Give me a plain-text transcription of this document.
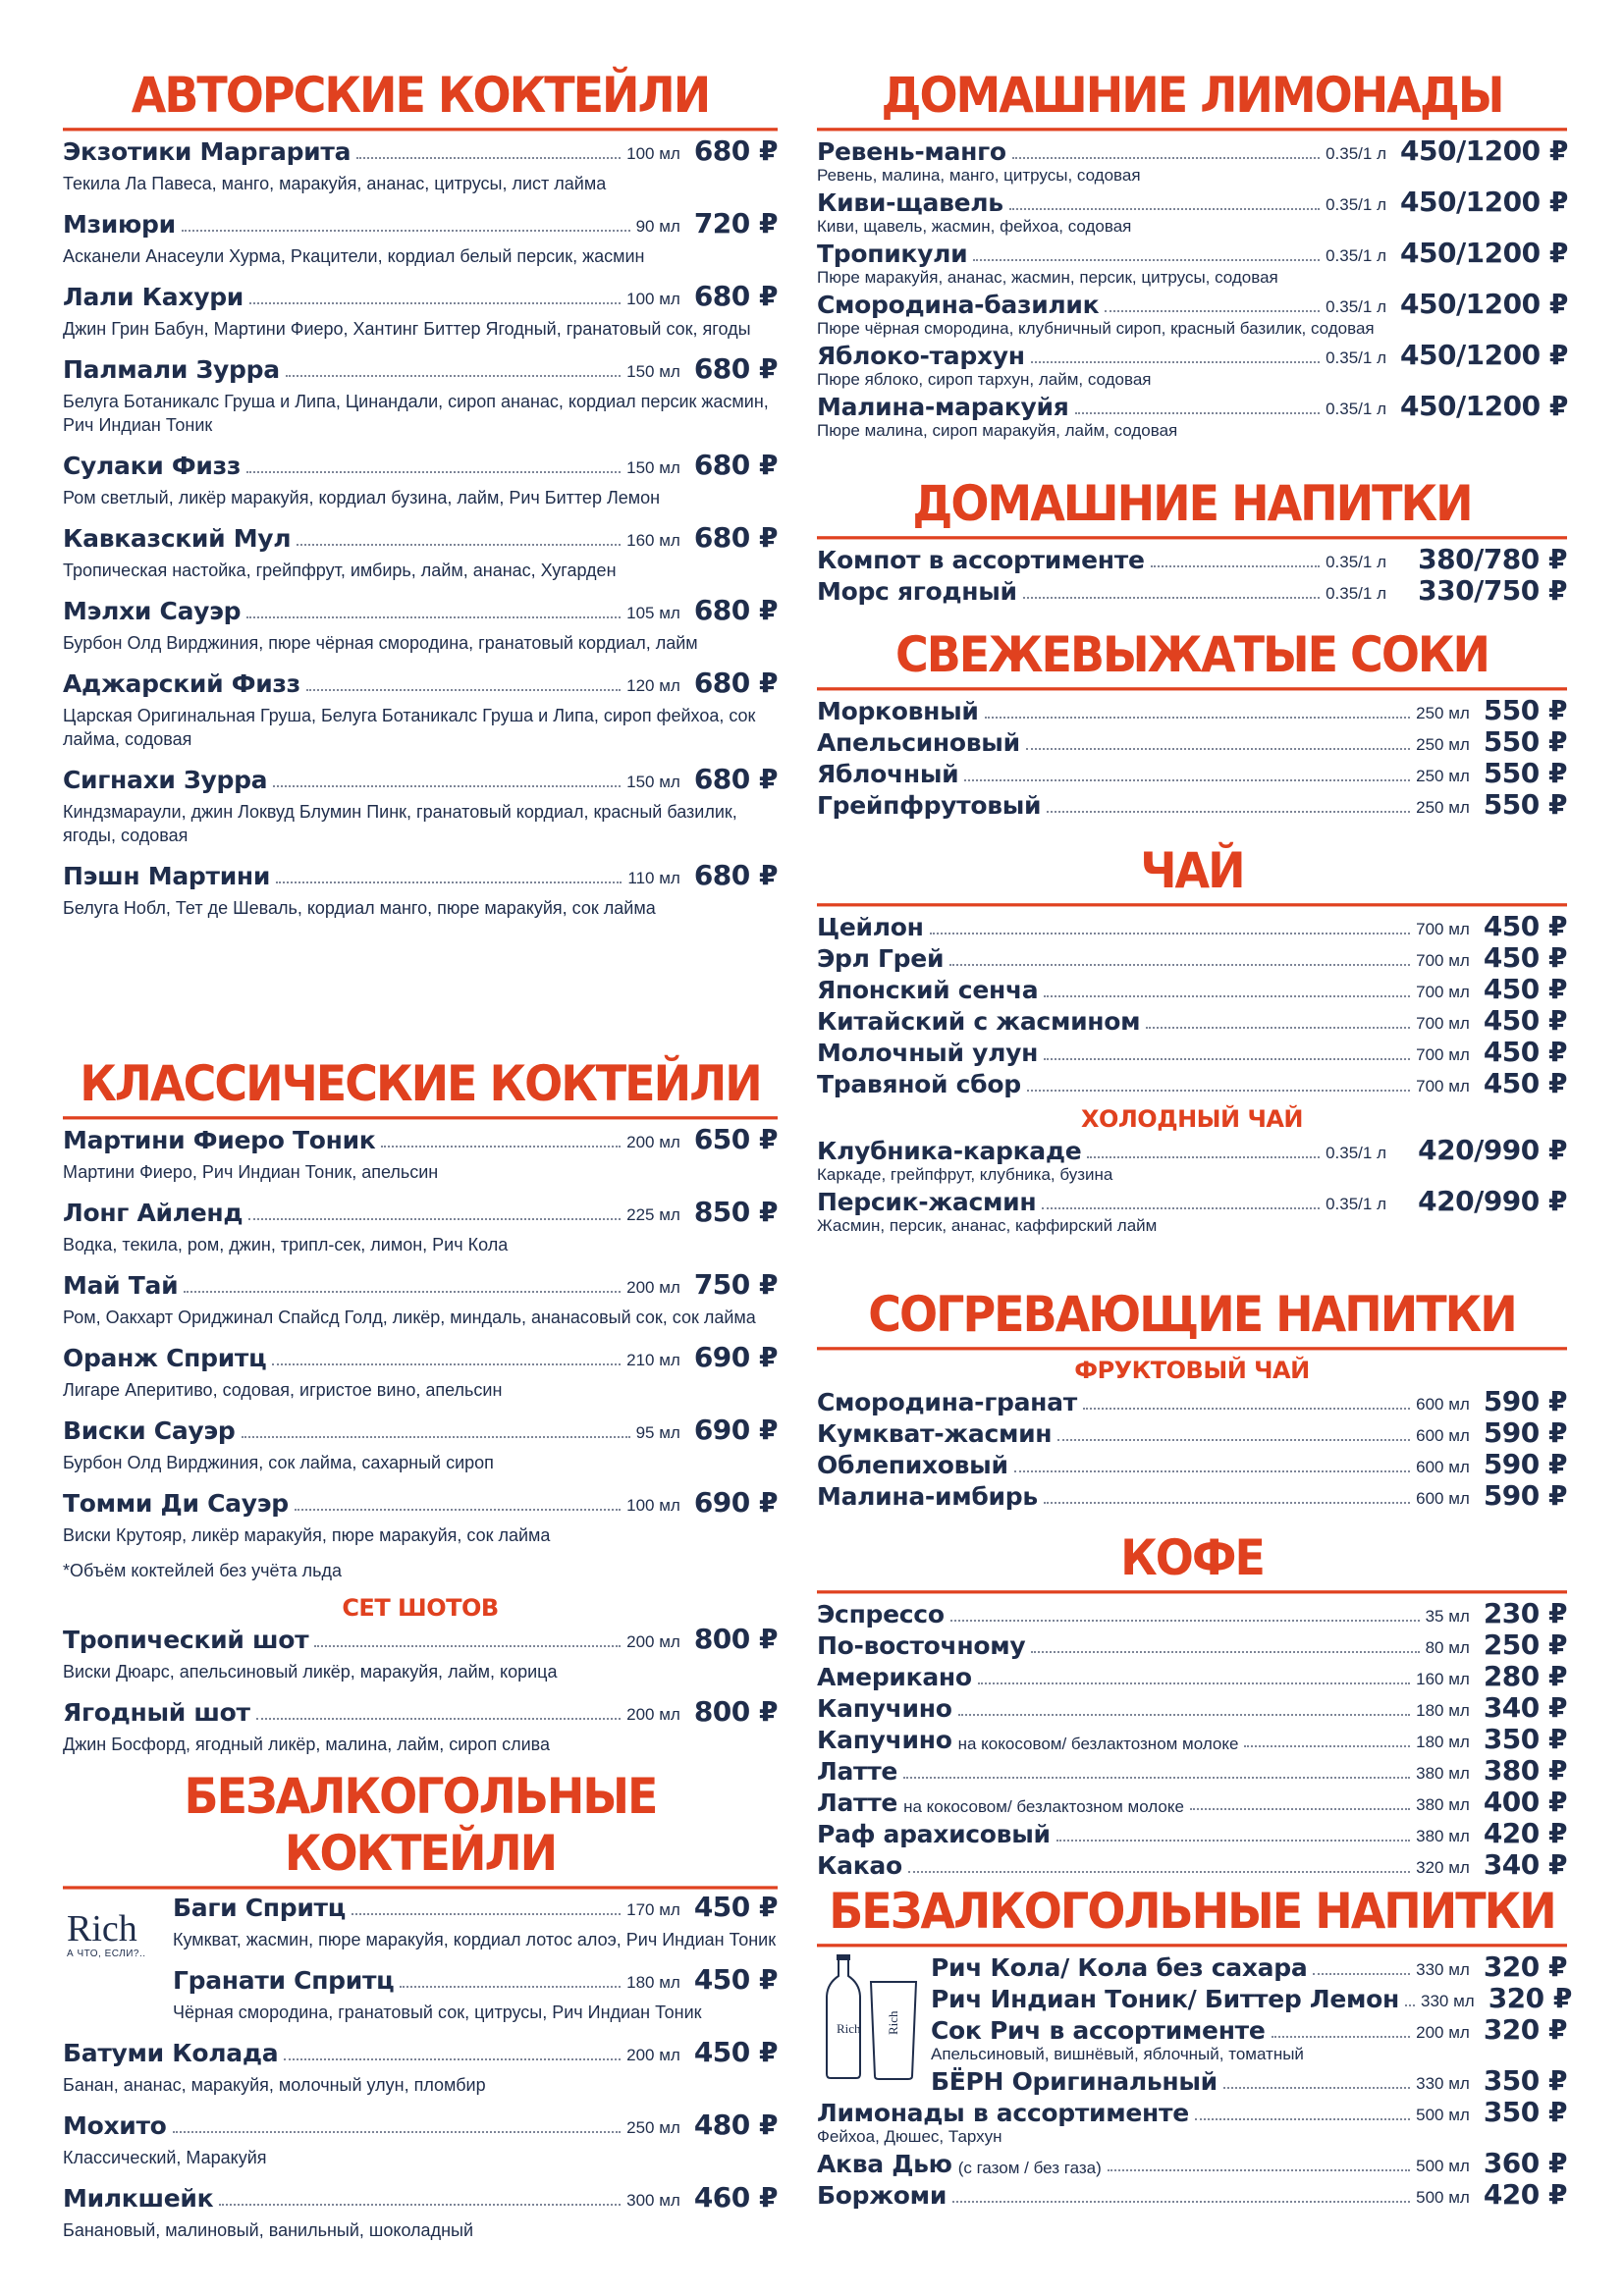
АВТОРСКИЕ КОКТЕЙЛИ
Экзотики Маргарита	100 мл 680 ₽
Текила Ла Павеса, манго, маракуйя, ананас, цитрусы, лист лайма
Мзиюри	90 мл 720 ₽
Асканели Анасеули Хурма, Ркацители, кордиал белый персик, жасмин
Лали Кахури	100 мл 680 ₽
Джин Грин Бабун, Мартини Фиеро, Хантинг Биттер Ягодный, гранатовый сок, ягоды
Палмали Зурра	150 мл 680 ₽
Белуга Ботаникалс Груша и Липа, Цинандали, сироп ананас, кордиал персик жасмин, Рич Индиан Тоник
Сулаки Физз	150 мл 680 ₽
Ром светлый, ликёр маракуйя, кордиал бузина, лайм, Рич Биттер Лемон
Кавказский Мул	160 мл 680 ₽
Тропическая настойка, грейпфрут, имбирь, лайм, ананас, Хугарден
Мэлхи Сауэр	105 мл 680 ₽
Бурбон Олд Вирджиния, пюре чёрная смородина, гранатовый кордиал, лайм
Аджарский Физз	120 мл 680 ₽
Царская Оригинальная Груша, Белуга Ботаникалс Груша и Липа, сироп фейхоа, сок лайма, содовая
Сигнахи Зурра	150 мл 680 ₽
Киндзмараули, джин Локвуд Блумин Пинк, гранатовый кордиал, красный базилик, ягоды, содовая
Пэшн Мартини	110 мл 680 ₽
Белуга Нобл, Тет де Шеваль, кордиал манго, пюре маракуйя, сок лайма
КЛАССИЧЕСКИЕ КОКТЕЙЛИ
Мартини Фиеро Тоник	200 мл 650 ₽
Мартини Фиеро, Рич Индиан Тоник, апельсин
Лонг Айленд	225 мл 850 ₽
Водка, текила, ром, джин, трипл-сек, лимон, Рич Кола
Май Тай	200 мл 750 ₽
Ром, Оакхарт Ориджинал Спайсд Голд, ликёр, миндаль, ананасовый сок, сок лайма
Оранж Спритц	210 мл 690 ₽
Лигаре Аперитиво, содовая, игристое вино, апельсин
Виски Сауэр	95 мл 690 ₽
Бурбон Олд Вирджиния, сок лайма, сахарный сироп
Томми Ди Сауэр	100 мл 690 ₽
Виски Крутояр, ликёр маракуйя, пюре маракуйя, сок лайма
*Объём коктейлей без учёта льда
СЕТ ШОТОВ
Тропический шот	200 мл 800 ₽
Виски Дюарс, апельсиновый ликёр, маракуйя, лайм, корица
Ягодный шот	200 мл 800 ₽
Джин Босфорд, ягодный ликёр, малина, лайм, сироп слива
БЕЗАЛКОГОЛЬНЫЕ КОКТЕЙЛИ
Баги Спритц	170 мл 450 ₽
Кумкват, жасмин, пюре маракуйя, кордиал лотос алоэ, Рич Индиан Тоник
Гранати Спритц	180 мл 450 ₽
Чёрная смородина, гранатовый сок, цитрусы, Рич Индиан Тоник
Батуми Колада	200 мл 450 ₽
Банан, ананас, маракуйя, молочный улун, пломбир
Мохито	250 мл 480 ₽
Классический, Маракуйя
Милкшейк	300 мл 460 ₽
Банановый, малиновый, ванильный, шоколадный
Rich
А ЧТО, ЕСЛИ?..
ДОМАШНИЕ ЛИМОНАДЫ
Ревень-манго	0.35/1 л 450/1200 ₽
Ревень, малина, манго, цитрусы, содовая
Киви-щавель	0.35/1 л 450/1200 ₽
Киви, щавель, жасмин, фейхоа, содовая
Тропикули	0.35/1 л 450/1200 ₽
Пюре маракуйя, ананас, жасмин, персик, цитрусы, содовая
Смородина-базилик	0.35/1 л 450/1200 ₽
Пюре чёрная смородина, клубничный сироп, красный базилик, содовая
Яблоко-тархун	0.35/1 л 450/1200 ₽
Пюре яблоко, сироп тархун, лайм, содовая
Малина-маракуйя	0.35/1 л 450/1200 ₽
Пюре малина, сироп маракуйя, лайм, содовая
ДОМАШНИЕ НАПИТКИ
Компот в ассортименте	0.35/1 л	380/780 ₽
Морс ягодный	0.35/1 л	330/750 ₽
СВЕЖЕВЫЖАТЫЕ СОКИ
Морковный	250 мл 550 ₽
Апельсиновый	250 мл 550 ₽
Яблочный	250 мл 550 ₽
Грейпфрутовый	250 мл 550 ₽
ЧАЙ
Цейлон	700 мл 450 ₽
Эрл Грей	700 мл 450 ₽
Японский сенча	700 мл 450 ₽
Китайский с жасмином	700 мл 450 ₽
Молочный улун	700 мл 450 ₽
Травяной сбор	700 мл 450 ₽
ХОЛОДНЫЙ ЧАЙ
Клубника-каркаде	0.35/1 л	420/990 ₽
Каркаде, грейпфрут, клубника, бузина
Персик-жасмин	0.35/1 л	420/990 ₽
Жасмин, персик, ананас, каффирский лайм
СОГРЕВАЮЩИЕ НАПИТКИ
ФРУКТОВЫЙ ЧАЙ
Смородина-гранат	600 мл 590 ₽
Кумкват-жасмин	600 мл 590 ₽
Облепиховый	600 мл 590 ₽
Малина-имбирь	600 мл 590 ₽
КОФЕ
Эспрессо	35 мл 230 ₽
По-восточному	80 мл 250 ₽
Американо	160 мл 280 ₽
Капучино	180 мл 340 ₽
Капучино на кокосовом/ безлактозном молоке	180 мл 350 ₽
Латте	380 мл 380 ₽
Латте на кокосовом/ безлактозном молоке	380 мл 400 ₽
Раф арахисовый	380 мл 420 ₽
Какао	320 мл 340 ₽
БЕЗАЛКОГОЛЬНЫЕ НАПИТКИ
Rich Rich
Рич Кола/ Кола без сахара	330 мл 320 ₽
Рич Индиан Тоник/ Биттер Лемон 330 мл 320 ₽
Сок Рич в ассортименте	200 мл 320 ₽
Апельсиновый, вишнёвый, яблочный, томатный
БЁРН Оригинальный	330 мл 350 ₽
Лимонады в ассортименте	500 мл 350 ₽
Фейхоа, Дюшес, Тархун
Аква Дью (с газом / без газа)	500 мл 360 ₽
Боржоми	500 мл 420 ₽
